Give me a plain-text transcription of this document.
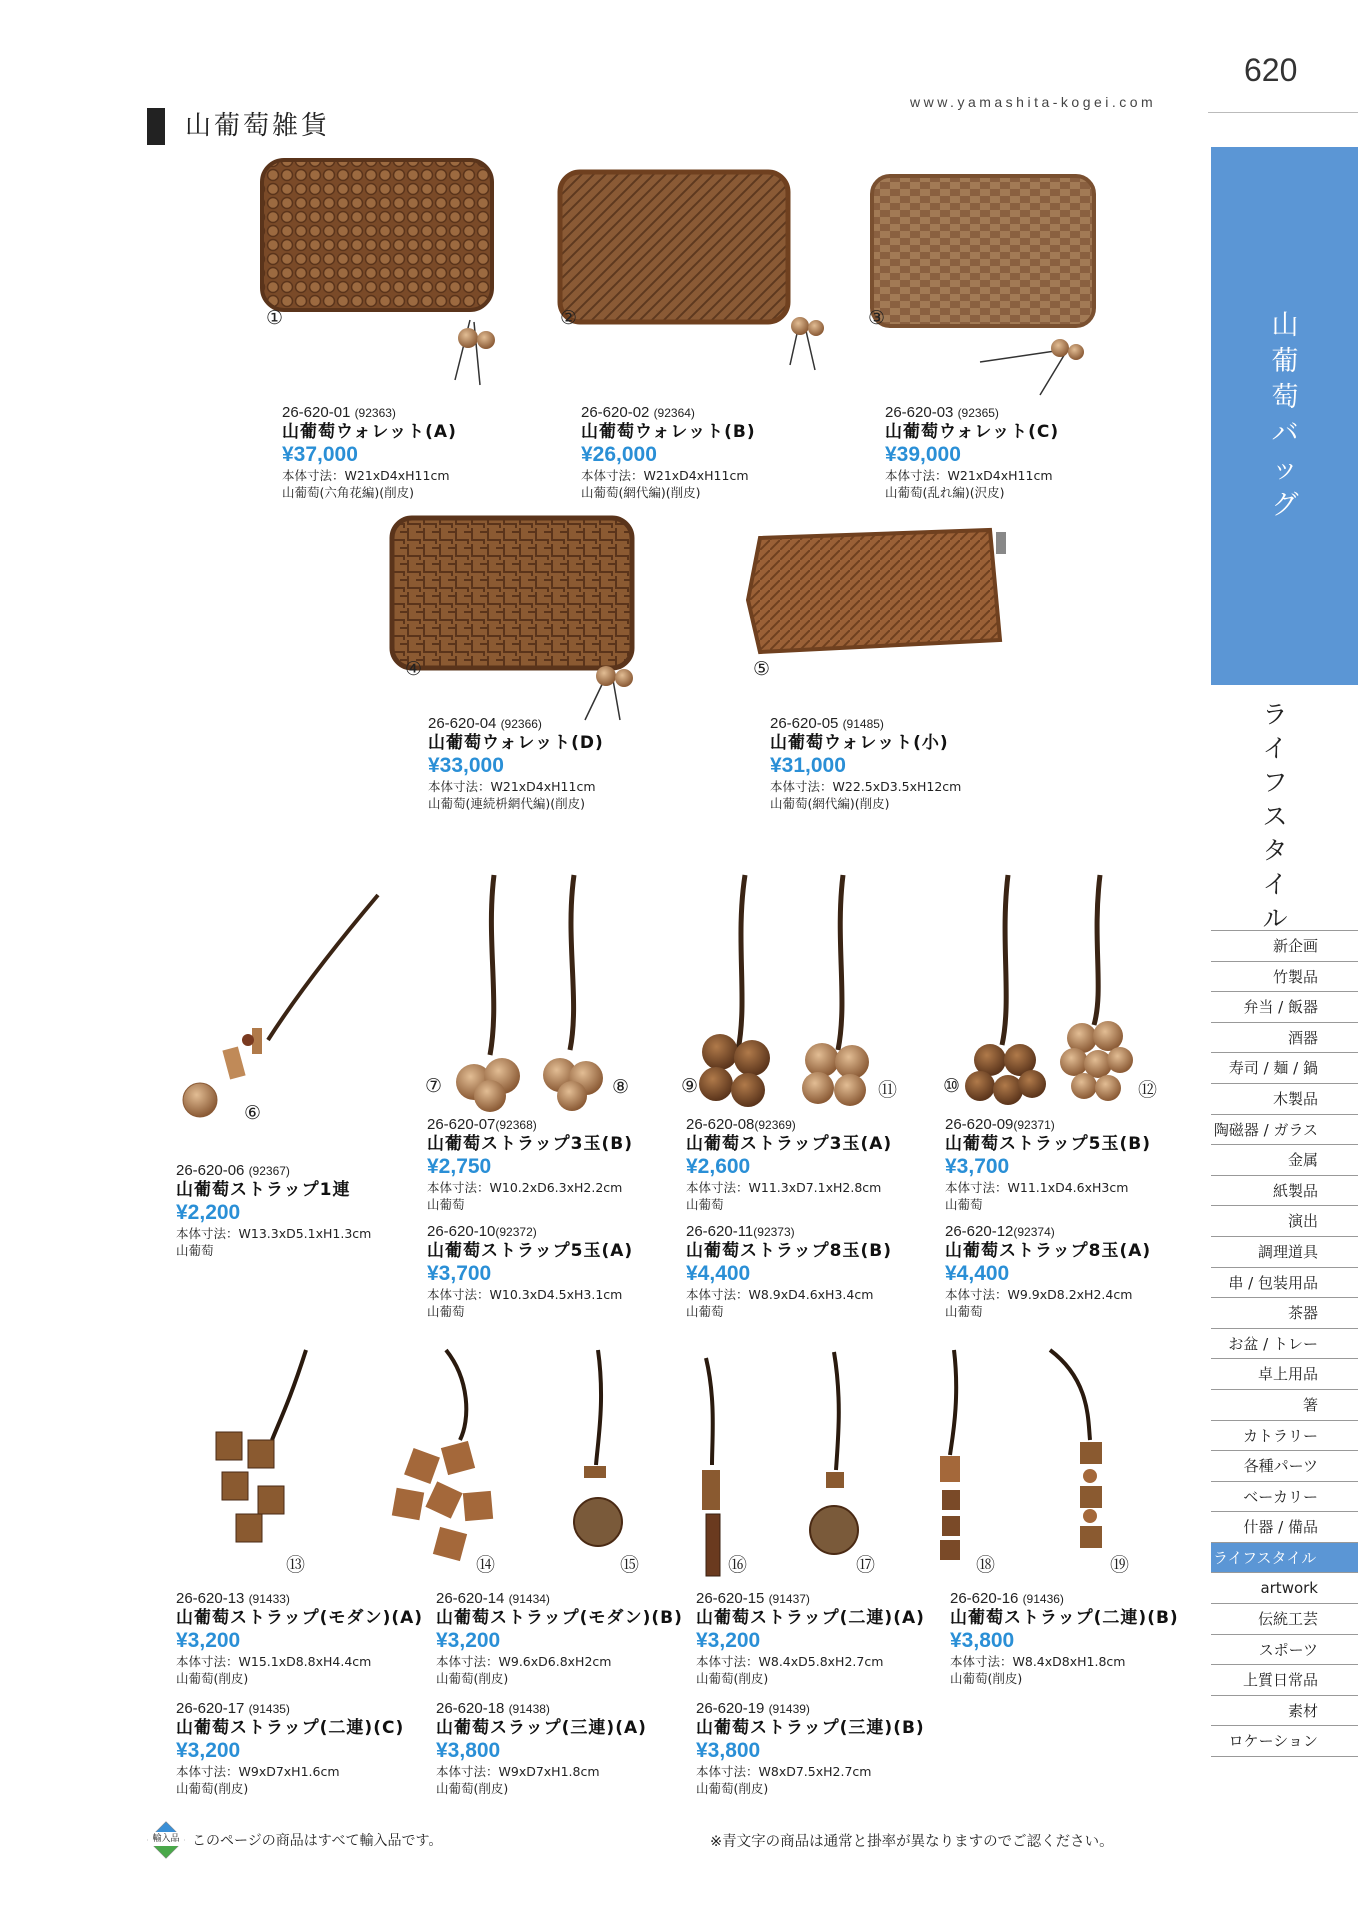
620
www.yamashita-kogei.com
山葡萄雑貨
山
葡
萄
バ
ッ
グ
ラ
イ
フ
ス
タ
イ
ル
新企画
竹製品
弁当 / 飯器
酒器
寿司 / 麺 / 鍋
木製品
陶磁器 / ガラス
金属
紙製品
演出
調理道具
串 / 包装用品
茶器
お盆 / トレー
卓上用品
箸
カトラリー
各種パーツ
ベーカリー
什器 / 備品
ライフスタイル
artwork
伝統工芸
スポーツ
上質日常品
素材
ロケーション
①	②	③
④	⑤
⑥
⑦	⑧	⑨	⑪ ⑩	⑫
⑬	⑭	⑮	⑯	⑰	⑱	⑲
26-620-01 (92363)
山葡萄ウォレット(A)
¥37,000
本体寸法：W21xD4xH11cm
山葡萄(六角花編)(削皮)
26-620-02 (92364)
山葡萄ウォレット(B)
¥26,000
本体寸法：W21xD4xH11cm
山葡萄(網代編)(削皮)
26-620-03 (92365)
山葡萄ウォレット(C)
¥39,000
本体寸法：W21xD4xH11cm
山葡萄(乱れ編)(沢皮)
26-620-04 (92366)
山葡萄ウォレット(D)
¥33,000
本体寸法：W21xD4xH11cm
山葡萄(連続枡網代編)(削皮)
26-620-05 (91485)
山葡萄ウォレット(小)
¥31,000
本体寸法：W22.5xD3.5xH12cm
山葡萄(網代編)(削皮)
26-620-06 (92367)
山葡萄ストラップ1連
¥2,200
本体寸法：W13.3xD5.1xH1.3cm
山葡萄
26-620-07(92368)
山葡萄ストラップ3玉(B)
¥2,750
本体寸法：W10.2xD6.3xH2.2cm
山葡萄
26-620-08(92369)
山葡萄ストラップ3玉(A)
¥2,600
本体寸法：W11.3xD7.1xH2.8cm
山葡萄
26-620-09(92371)
山葡萄ストラップ5玉(B)
¥3,700
本体寸法：W11.1xD4.6xH3cm
山葡萄
26-620-10(92372)
山葡萄ストラップ5玉(A)
¥3,700
本体寸法：W10.3xD4.5xH3.1cm
山葡萄
26-620-11(92373)
山葡萄ストラップ8玉(B)
¥4,400
本体寸法：W8.9xD4.6xH3.4cm
山葡萄
26-620-12(92374)
山葡萄ストラップ8玉(A)
¥4,400
本体寸法：W9.9xD8.2xH2.4cm
山葡萄
26-620-13 (91433)
山葡萄ストラップ(モダン)(A)
¥3,200
本体寸法：W15.1xD8.8xH4.4cm
山葡萄(削皮)
26-620-14 (91434)
山葡萄ストラップ(モダン)(B)
¥3,200
本体寸法：W9.6xD6.8xH2cm
山葡萄(削皮)
26-620-15 (91437)
山葡萄ストラップ(二連)(A)
¥3,200
本体寸法：W8.4xD5.8xH2.7cm
山葡萄(削皮)
26-620-16 (91436)
山葡萄ストラップ(二連)(B)
¥3,800
本体寸法：W8.4xD8xH1.8cm
山葡萄(削皮)
26-620-17 (91435)
山葡萄ストラップ(二連)(C)
¥3,200
本体寸法：W9xD7xH1.6cm
山葡萄(削皮)
26-620-18 (91438)
山葡萄スラップ(三連)(A)
¥3,800
本体寸法：W9xD7xH1.8cm
山葡萄(削皮)
26-620-19 (91439)
山葡萄ストラップ(三連)(B)
¥3,800
本体寸法：W8xD7.5xH2.7cm
山葡萄(削皮)
輸入品 このページの商品はすべて輸入品です。	※青文字の商品は通常と掛率が異なりますのでご認ください。
